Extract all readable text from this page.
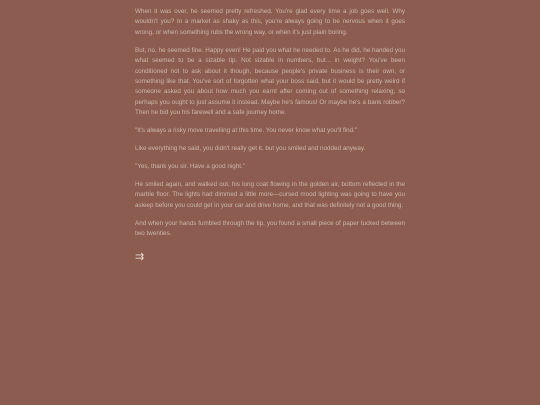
When it was over, he seemed pretty refreshed. You're glad every time a job goes well. Why wouldn't you? In a market as shaky as this, you're always going to be nervous when it goes wrong, or when something rubs the wrong way, or when it's just plain boring.

But, no, he seemed fine. Happy even! He paid you what he needed to. As he did, he handed you what seemed to be a sizable tip. Not sizable in numbers, but... in weight? You've been conditioned not to ask about it though, because people's private business is their own, or something like that. You've sort of forgotten what your boss said, but it would be pretty weird if someone asked you about how much you earnt after coming out of something relaxing, so perhaps you ought to just assume it instead. Maybe he's famous! Or maybe he's a bank robber? Then he bid you his farewell and a safe journey home.

"It's always a risky move travelling at this time. You never know what you'll find."

Like everything he said, you didn't really get it, but you smiled and nodded anyway.

"Yes, thank you sir. Have a good night."

He smiled again, and walked out, his long coat flowing in the golden air, bottom reflected in the marble floor. The lights had dimmed a little more—cursed mood lighting was going to have you asleep before you could get in your car and drive home, and that was definitely not a good thing.

And when your hands fumbled through the tip, you found a small piece of paper tucked between two twenties.

⇉
